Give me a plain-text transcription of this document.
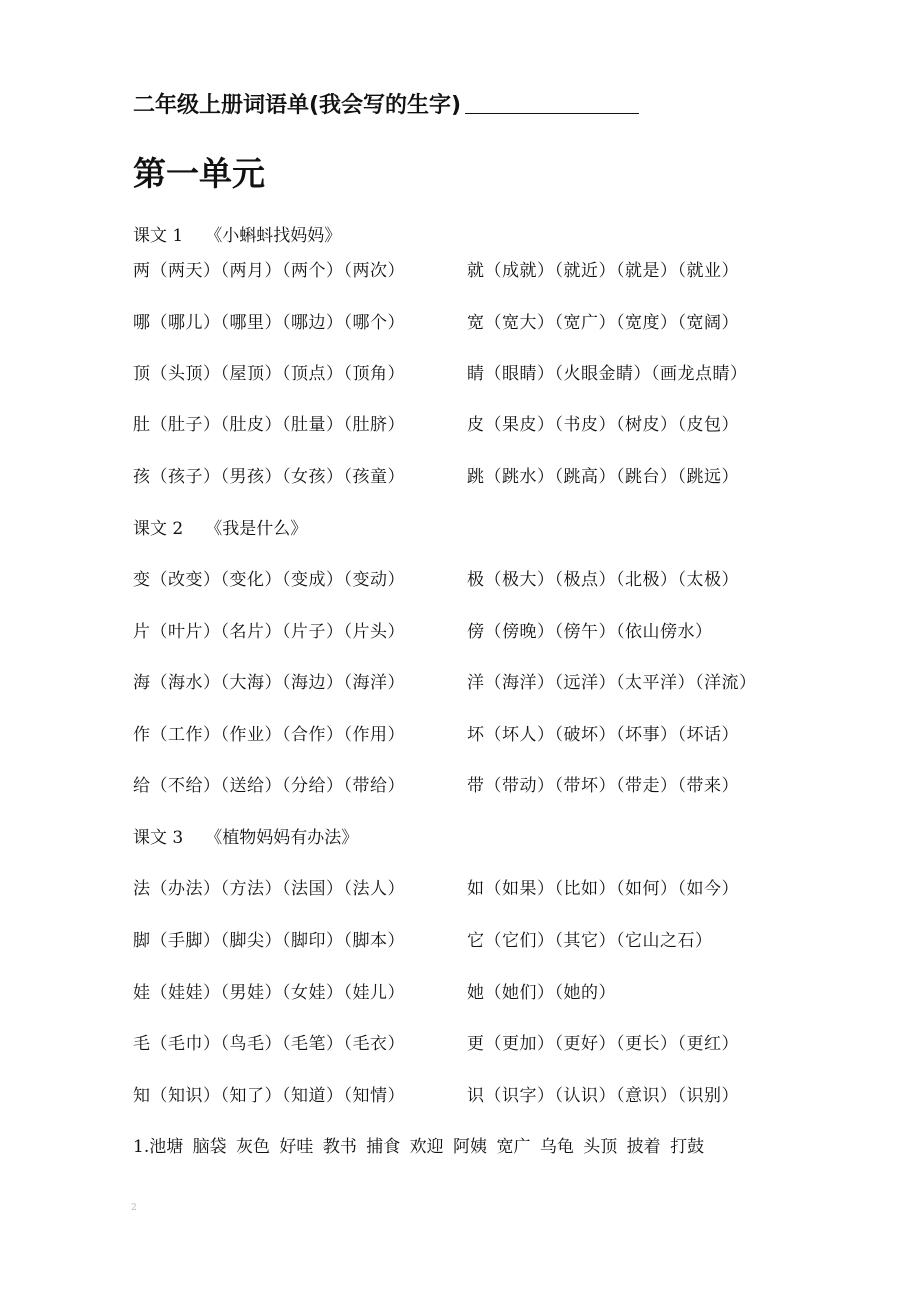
二年级上册词语单(我会写的生字)
第一单元
课文 1 《小蝌蚪找妈妈》
两（两天）（两月）（两个）（两次）	就（成就）（就近）（就是）（就业）
哪（哪儿）（哪里）（哪边）（哪个）	宽（宽大）（宽广）（宽度）（宽阔）
顶（头顶）（屋顶）（顶点）（顶角）	睛（眼睛）（火眼金睛）（画龙点睛）
肚（肚子）（肚皮）（肚量）（肚脐）	皮（果皮）（书皮）（树皮）（皮包）
孩（孩子）（男孩）（女孩）（孩童）	跳（跳水）（跳高）（跳台）（跳远）
课文 2 《我是什么》
变（改变）（变化）（变成）（变动）	极（极大）（极点）（北极）（太极）
片（叶片）（名片）（片子）（片头）	傍（傍晚）（傍午）（依山傍水）
海（海水）（大海）（海边）（海洋）	洋（海洋）（远洋）（太平洋）（洋流）
作（工作）（作业）（合作）（作用）	坏（坏人）（破坏）（坏事）（坏话）
给（不给）（送给）（分给）（带给）	带（带动）（带坏）（带走）（带来）
课文 3 《植物妈妈有办法》
法（办法）（方法）（法国）（法人）	如（如果）（比如）（如何）（如今）
脚（手脚）（脚尖）（脚印）（脚本）	它（它们）（其它）（它山之石）
娃（娃娃）（男娃）（女娃）（娃儿）	她（她们）（她的）
毛（毛巾）（鸟毛）（毛笔）（毛衣）	更（更加）（更好）（更长）（更红）
知（知识）（知了）（知道）（知情）	识（识字）（认识）（意识）（识别）
1.池塘 脑袋 灰色 好哇 教书 捕食 欢迎 阿姨 宽广 乌龟 头顶 披着 打鼓
2
